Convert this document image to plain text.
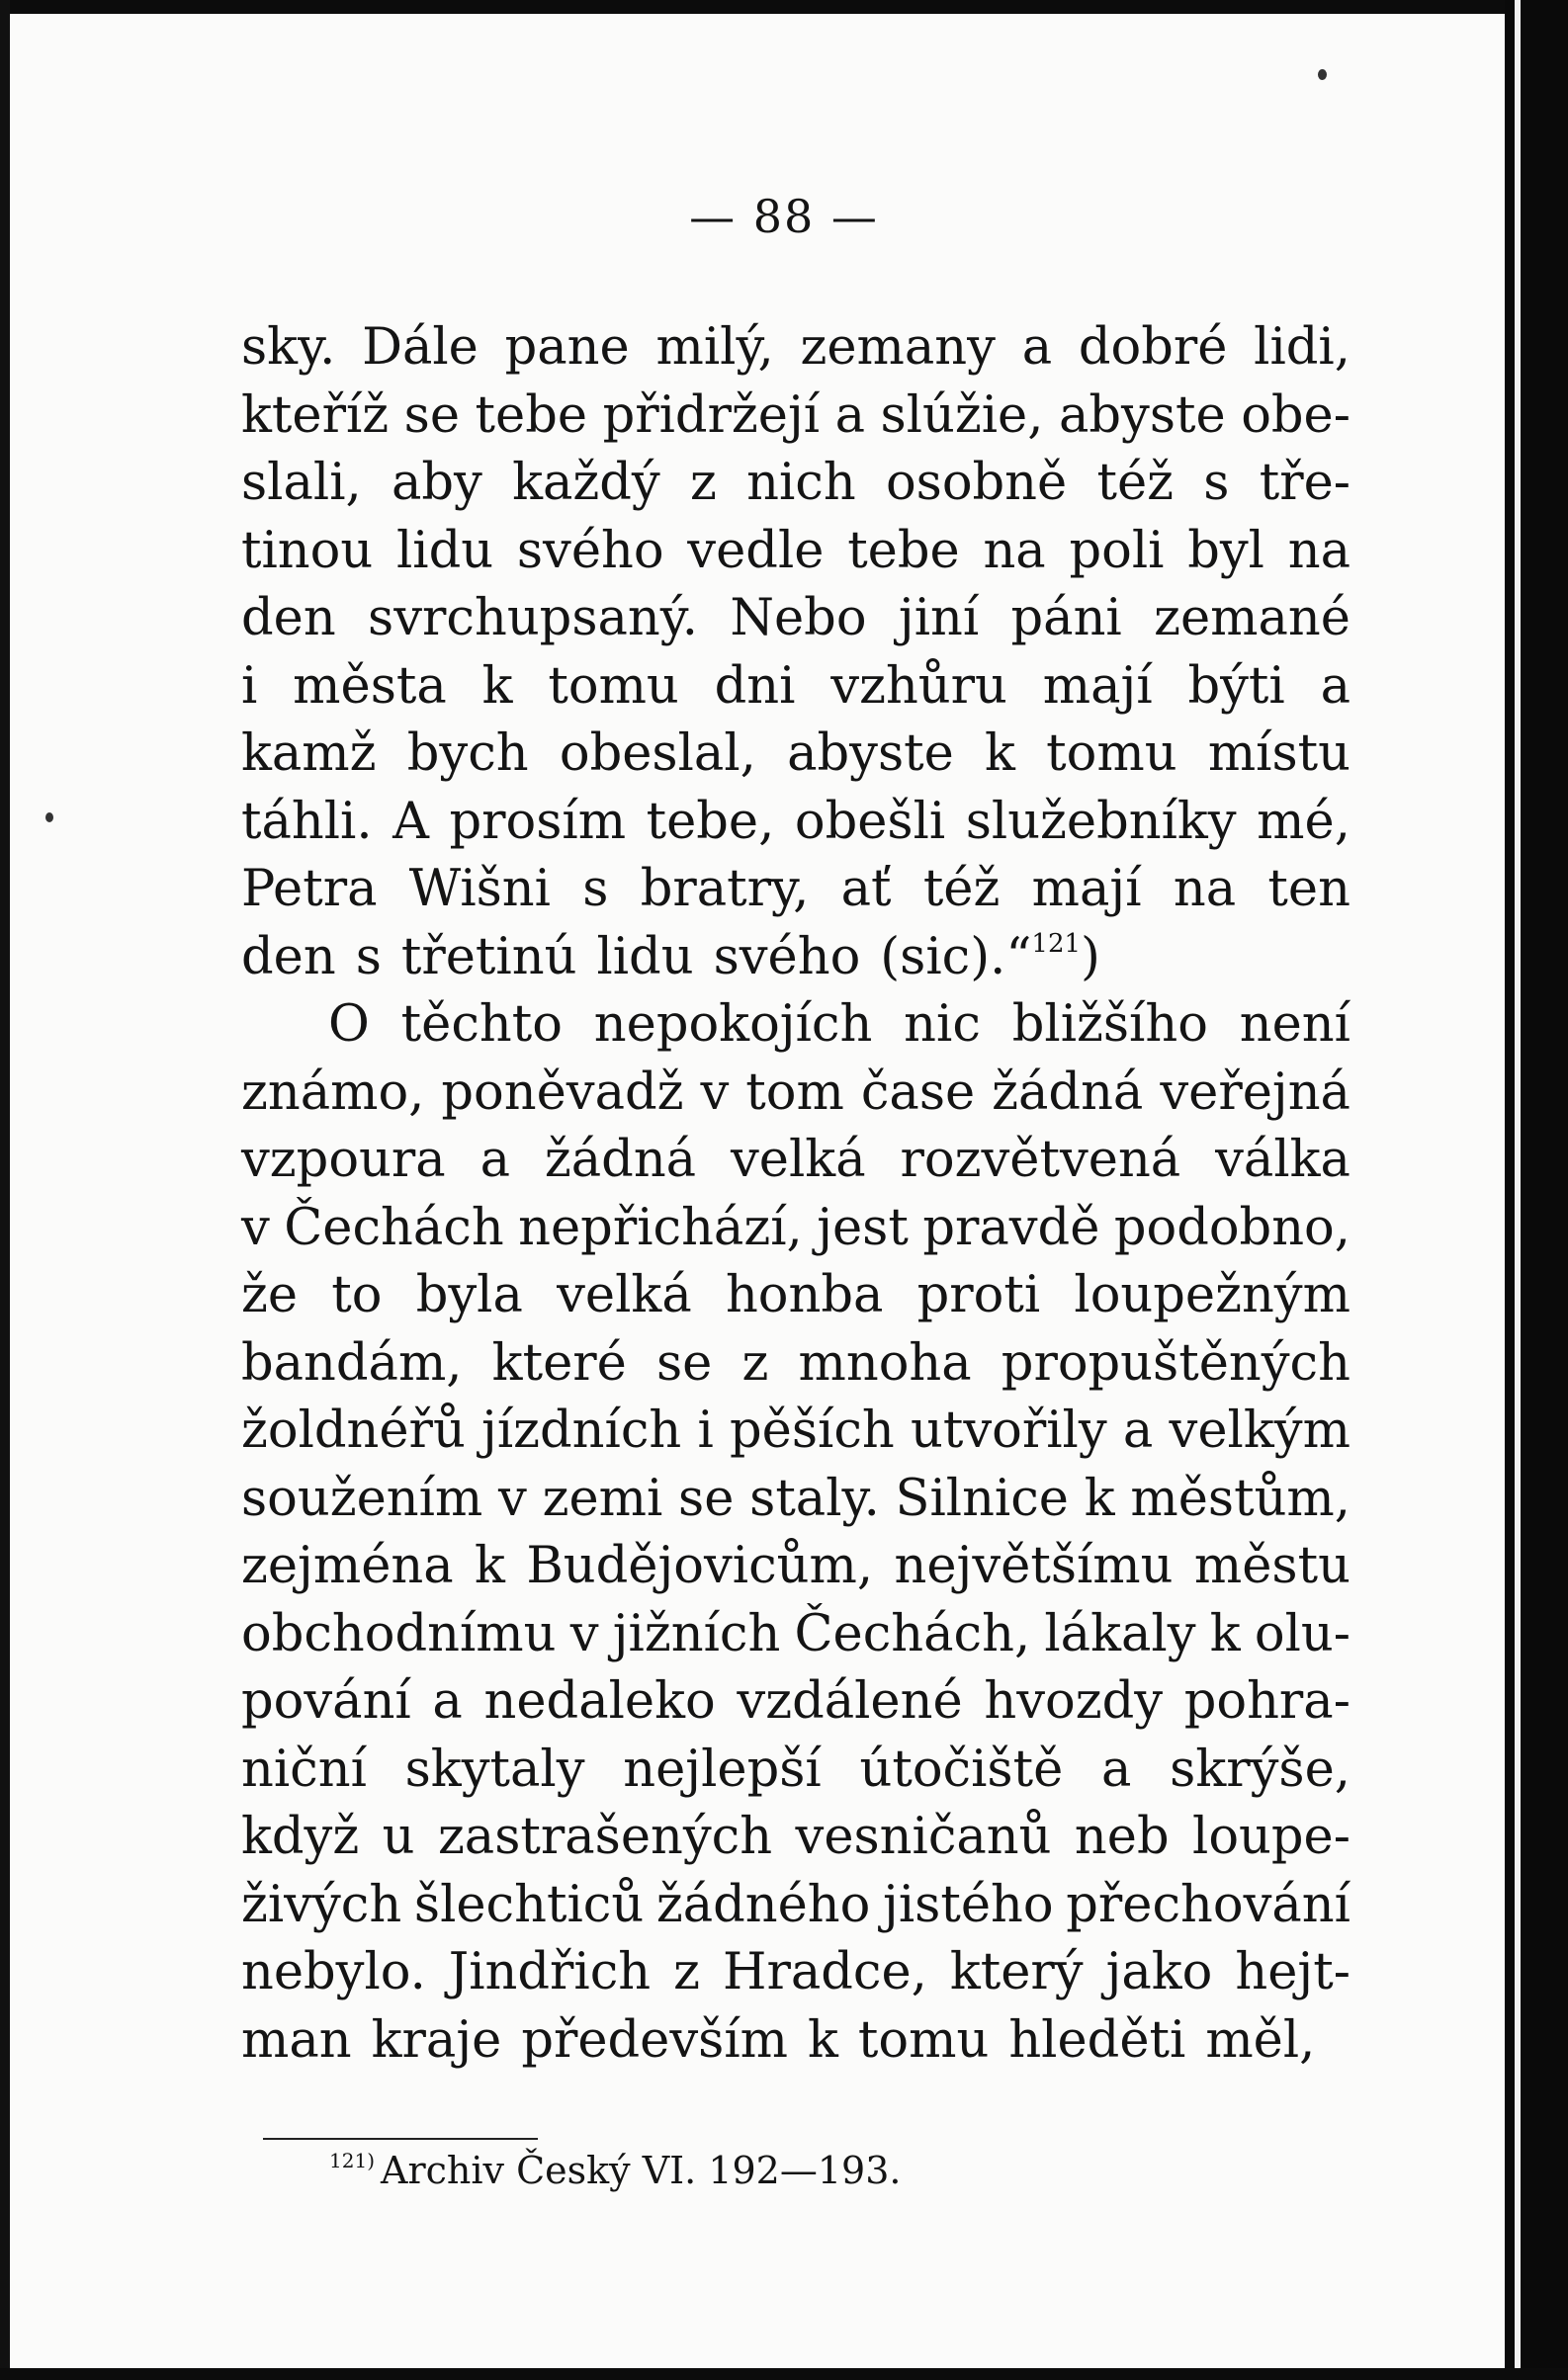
— 88 —
sky. Dále pane milý, zemany a dobré lidi,
kteříž se tebe přidržejí a slúžie, abyste obe-
slali, aby každý z nich osobně též s tře-
tinou lidu svého vedle tebe na poli byl na
den svrchupsaný. Nebo jiní páni zemané
i města k tomu dni vzhůru mají býti a
kamž bych obeslal, abyste k tomu místu
táhli. A prosím tebe, obešli služebníky mé,
Petra Wišni s bratry, ať též mají na ten
den s třetinú lidu svého (sic).“$^{121)}$
O těchto nepokojích nic bližšího není
známo, poněvadž v tom čase žádná veřejná
vzpoura a žádná velká rozvětvená válka
v Čechách nepřichází, jest pravdě podobno,
že to byla velká honba proti loupežným
bandám, které se z mnoha propuštěných
žoldnéřů jízdních i pěších utvořily a velkým
soužením v zemi se staly. Silnice k městům,
zejména k Budějovicům, největšímu městu
obchodnímu v jižních Čechách, lákaly k olu-
pování a nedaleko vzdálené hvozdy pohra-
niční skytaly nejlepší útočiště a skrýše,
když u zastrašených vesničanů neb loupe-
živých šlechticů žádného jistého přechování
nebylo. Jindřich z Hradce, který jako hejt-
man kraje především k tomu hleděti měl,
$^{121)}$ Archiv Český VI. 192—193.
